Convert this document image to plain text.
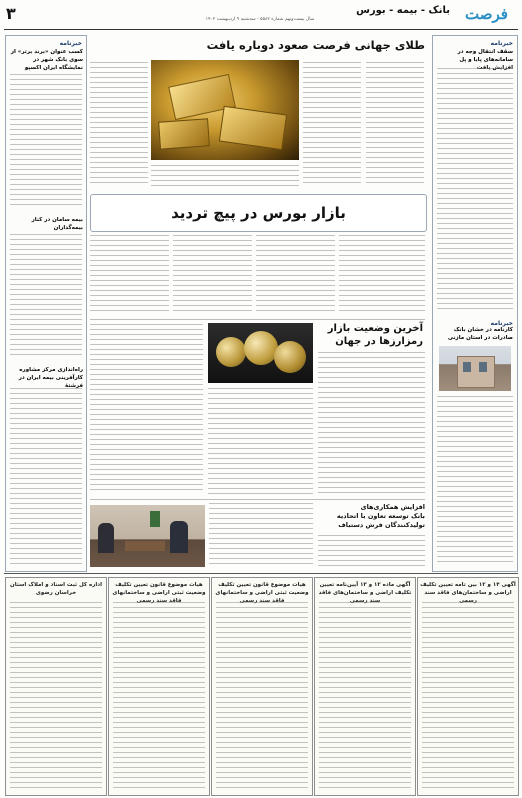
۳	سال بیست‌ونهم شماره ۵۵۸۲ - سه‌شنبه ۹ اردیبهشت ۱۴۰۲
بانک - بیمه - بورس فرصت
خبرنامه
سقف انتقال وجه در سامانه‌های پایا و پل افزایش یافت
خبرنامه
کارنامه در خشان بانک صادرات در استان مازنی
خبرنامه
کسب عنوان «برند برتر» از سوی بانک شهر در نمایشگاه ایران اکسپو
بیمه سامان در کنار بیمه‌گذاران
راه‌اندازی مرکز مشاوره کارآفرینی بیمه ایران در فرشتهٔ
طلای جهانی فرصت صعود دوباره یافت
بازار بورس در پیچ تردید
آخرین وضعیت بازار
رمزارزها در جهان
افزایش همکاری‌های
بانک توسعه تعاون با اتحادیه
تولیدکنندگان فرش دستباف
آگهی ۱۴ و ۱۲ بین تامه تعیین تکلیف اراضی و ساختمان‌های فاقد سند رسمی
آگهی ماده ۱۲ و ۱۳ آیین‌نامه تعیین تکلیف اراضی و ساختمان‌های فاقد سند رسمی
هیات موضوع قانون تعیین تکلیف وضعیت ثبتی اراضی و ساختمانهای فاقد سند رسمی
هیات موضوع قانون تعیین تکلیف وضعیت ثبتی اراضی و ساختمانهای فاقد سند رسمی
اداره کل ثبت اسناد و املاک استان خراسان رضوی
